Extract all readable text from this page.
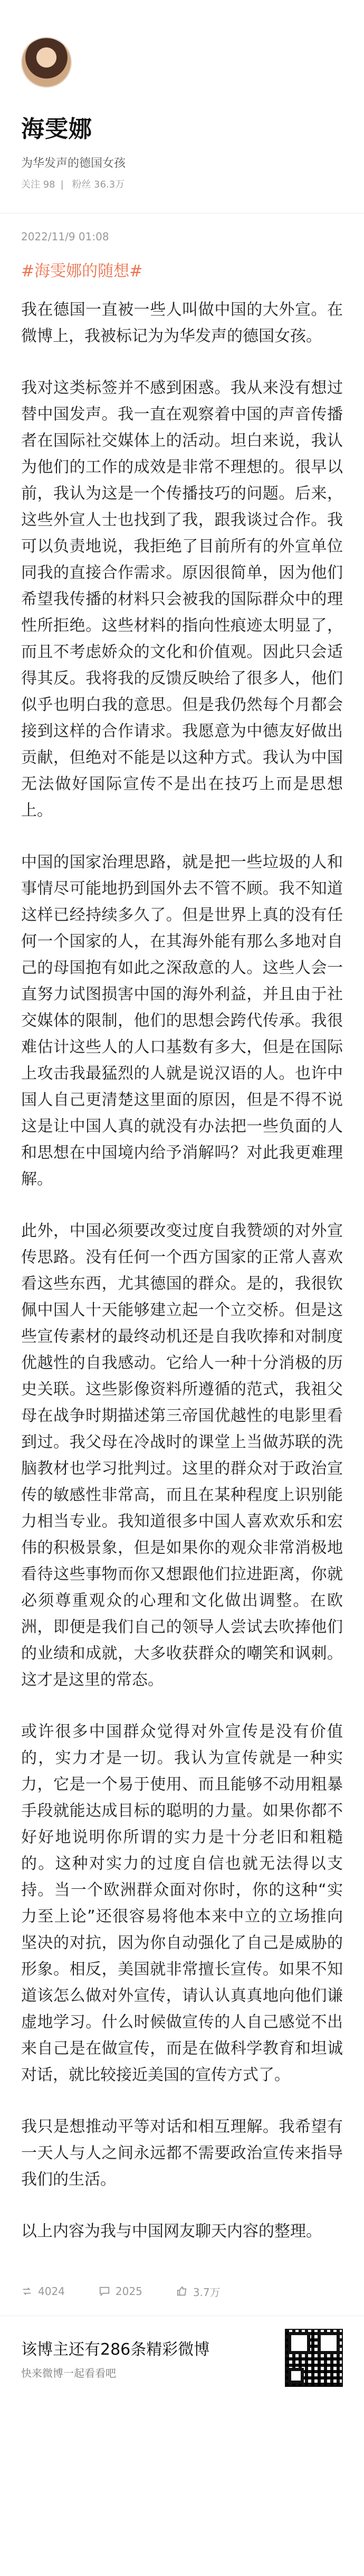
海雯娜
为华发声的德国女孩
关注 98 | 粉丝 36.3万
2022/11/9 01:08
#海雯娜的随想#

我在德国一直被一些人叫做中国的大外宣。在微博上，我被标记为为华发声的德国女孩。

我对这类标签并不感到困惑。我从来没有想过替中国发声。我一直在观察着中国的声音传播者在国际社交媒体上的活动。坦白来说，我认为他们的工作的成效是非常不理想的。很早以前，我认为这是一个传播技巧的问题。后来，这些外宣人士也找到了我，跟我谈过合作。我可以负责地说，我拒绝了目前所有的外宣单位同我的直接合作需求。原因很简单，因为他们希望我传播的材料只会被我的国际群众中的理性所拒绝。这些材料的指向性痕迹太明显了，而且不考虑娇众的文化和价值观。因此只会适得其反。我将我的反馈反映给了很多人，他们似乎也明白我的意思。但是我仍然每个月都会接到这样的合作请求。我愿意为中德友好做出贡献，但绝对不能是以这种方式。我认为中国无法做好国际宣传不是出在技巧上而是思想上。

中国的国家治理思路，就是把一些垃圾的人和事情尽可能地扔到国外去不管不顾。我不知道这样已经持续多久了。但是世界上真的没有任何一个国家的人，在其海外能有那么多地对自己的母国抱有如此之深敌意的人。这些人会一直努力试图损害中国的海外利益，并且由于社交媒体的限制，他们的思想会跨代传承。我很难估计这些人的人口基数有多大，但是在国际上攻击我最猛烈的人就是说汉语的人。也许中国人自己更清楚这里面的原因，但是不得不说这是让中国人真的就没有办法把一些负面的人和思想在中国境内给予消解吗？对此我更难理解。

此外，中国必须要改变过度自我赞颂的对外宣传思路。没有任何一个西方国家的正常人喜欢看这些东西，尤其德国的群众。是的，我很钦佩中国人十天能够建立起一个立交桥。但是这些宣传素材的最终动机还是自我吹捧和对制度优越性的自我感动。它给人一种十分消极的历史关联。这些影像资料所遵循的范式，我祖父母在战争时期描述第三帝国优越性的电影里看到过。我父母在冷战时的课堂上当做苏联的洗脑教材也学习批判过。这里的群众对于政治宣传的敏感性非常高，而且在某种程度上识别能力相当专业。我知道很多中国人喜欢欢乐和宏伟的积极景象，但是如果你的观众非常消极地看待这些事物而你又想跟他们拉进距离，你就必须尊重观众的心理和文化做出调整。在欧洲，即便是我们自己的领导人尝试去吹捧他们的业绩和成就，大多收获群众的嘲笑和讽刺。这才是这里的常态。

或许很多中国群众觉得对外宣传是没有价值的，实力才是一切。我认为宣传就是一种实力，它是一个易于使用、而且能够不动用粗暴手段就能达成目标的聪明的力量。如果你都不好好地说明你所谓的实力是十分老旧和粗糙的。这种对实力的过度自信也就无法得以支持。当一个欧洲群众面对你时，你的这种“实力至上论”还很容易将他本来中立的立场推向坚决的对抗，因为你自动强化了自己是威胁的形象。相反，美国就非常擅长宣传。如果不知道该怎么做对外宣传，请认认真真地向他们谦虚地学习。什么时候做宣传的人自己感觉不出来自己是在做宣传，而是在做科学教育和坦诚对话，就比较接近美国的宣传方式了。

我只是想推动平等对话和相互理解。我希望有一天人与人之间永远都不需要政治宣传来指导我们的生活。

以上内容为我与中国网友聊天内容的整理。

4024	2025	3.7万
该博主还有286条精彩微博
快来微博一起看看吧
